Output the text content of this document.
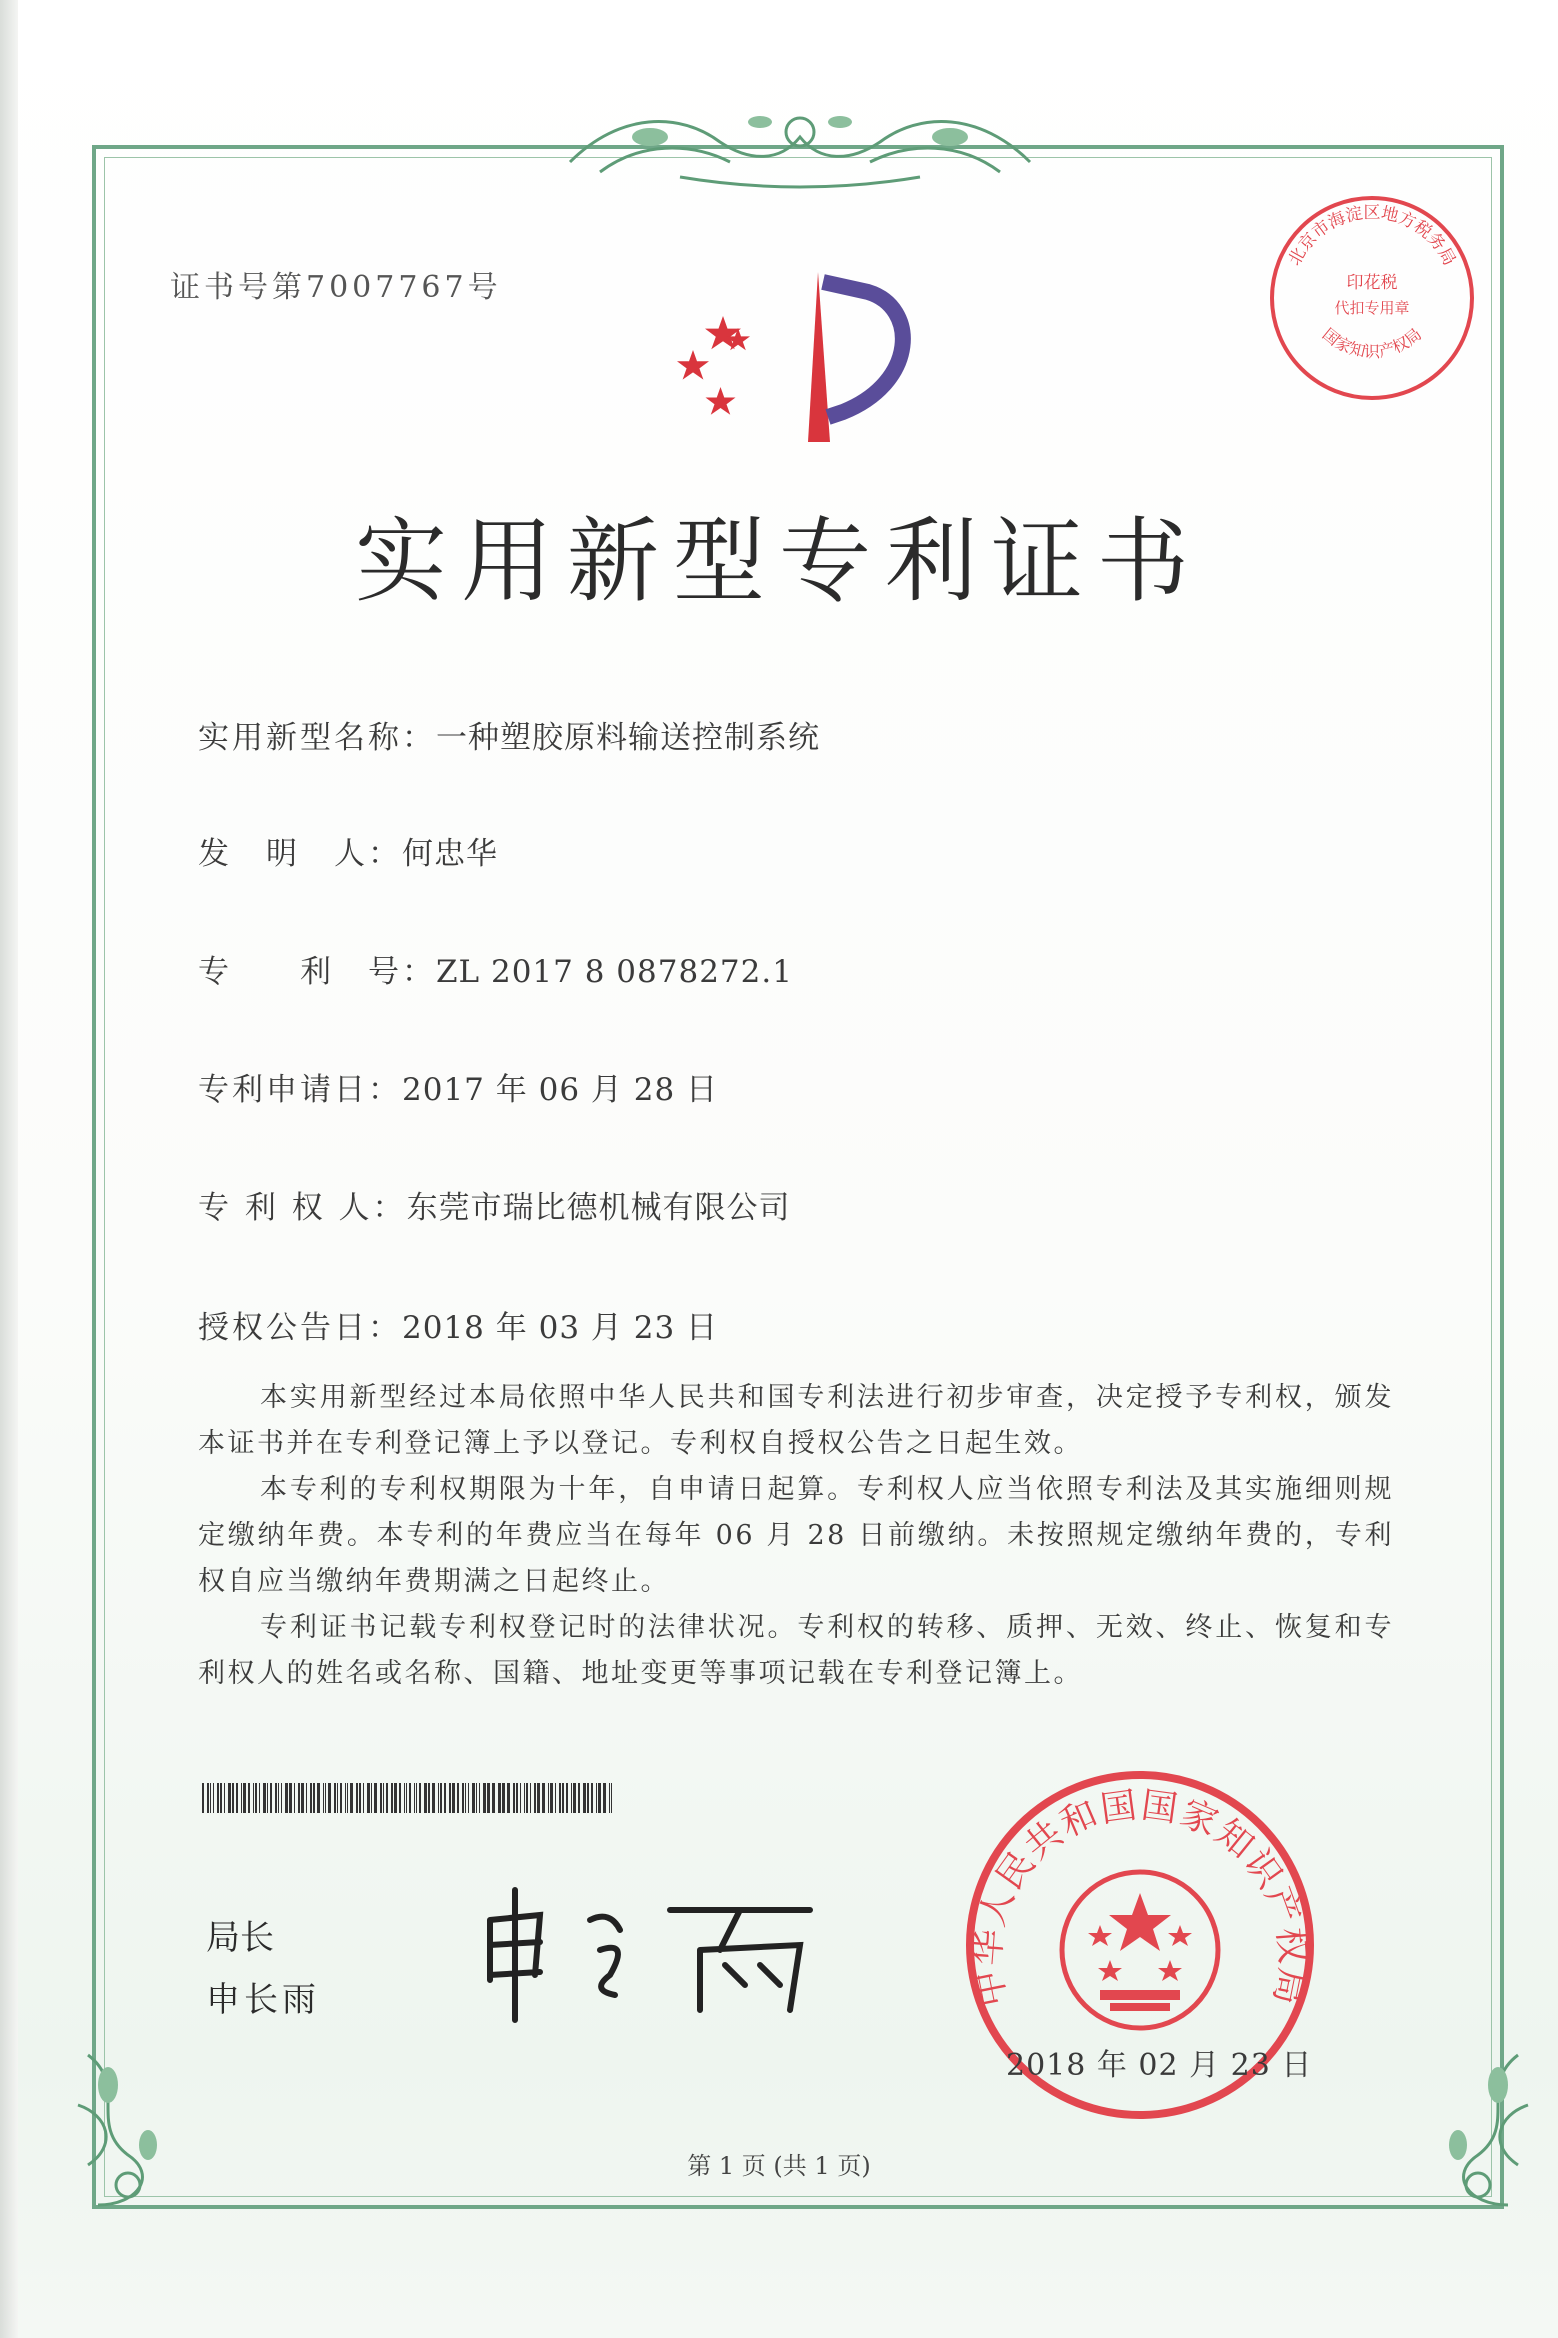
证书号第7007767号
北京市海淀区地方税务局
国家知识产权局
印花税
代扣专用章
实用新型专利证书
实用新型名称：一种塑胶原料输送控制系统
发　明　人：何忠华
专　　利　号：ZL 2017 8 0878272.1
专利申请日：2017 年 06 月 28 日
专 利 权 人：东莞市瑞比德机械有限公司
授权公告日：2018 年 03 月 23 日

本实用新型经过本局依照中华人民共和国专利法进行初步审查，决定授予专利权，颁发本证书并在专利登记簿上予以登记。专利权自授权公告之日起生效。

本专利的专利权期限为十年，自申请日起算。专利权人应当依照专利法及其实施细则规定缴纳年费。本专利的年费应当在每年 06 月 28 日前缴纳。未按照规定缴纳年费的，专利权自应当缴纳年费期满之日起终止。

专利证书记载专利权登记时的法律状况。专利权的转移、质押、无效、终止、恢复和专利权人的姓名或名称、国籍、地址变更等事项记载在专利登记簿上。

局长
申长雨	中华人民共和国国家知识产权局
2018 年 02 月 23 日
第 1 页 (共 1 页)
